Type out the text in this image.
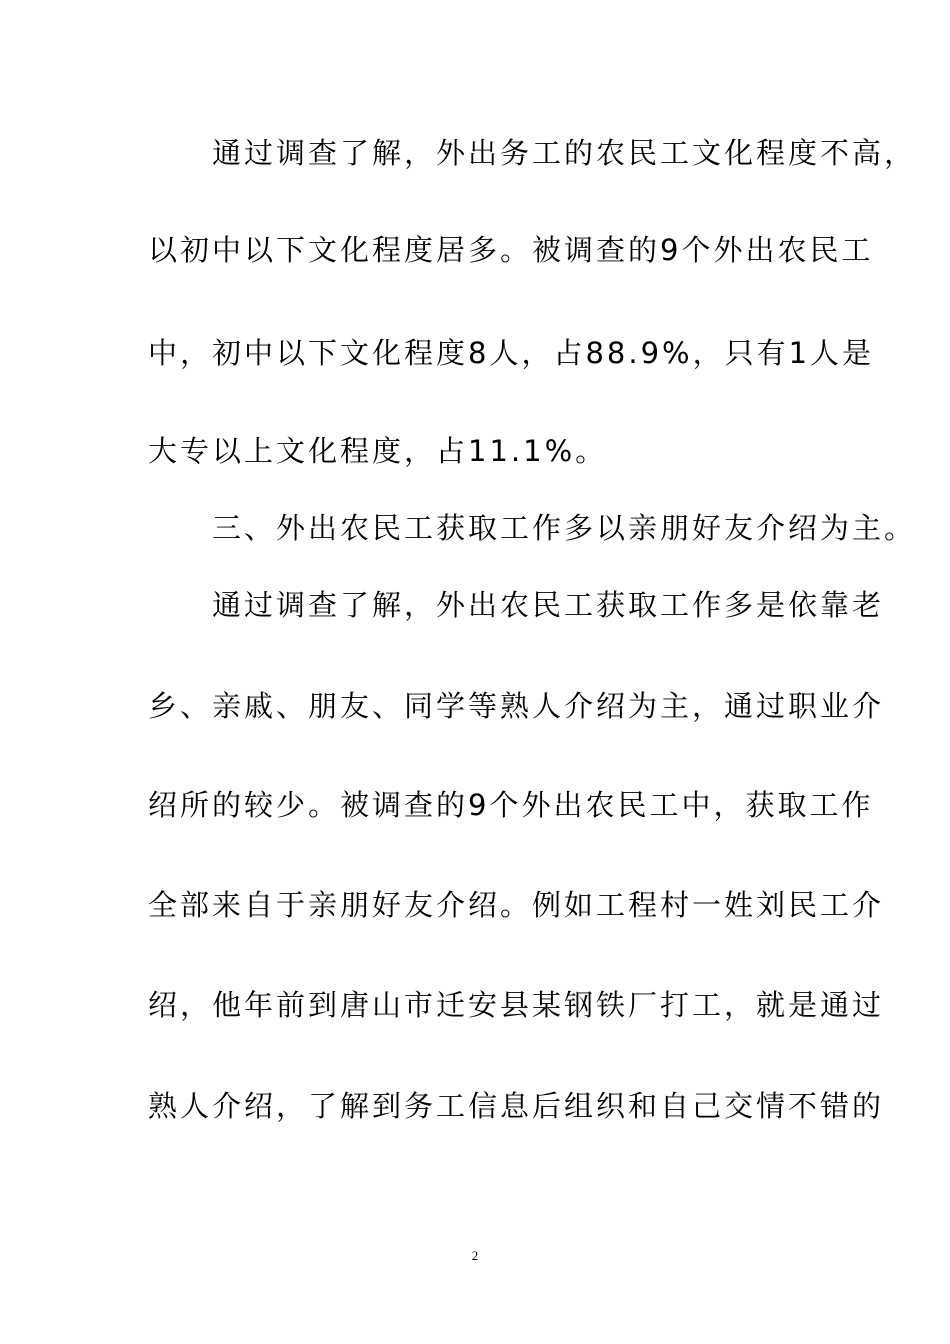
　　通过调查了解，外出务工的农民工文化程度不高，
以初中以下文化程度居多。被调查的9个外出农民工
中，初中以下文化程度8人，占88.9%，只有1人是
大专以上文化程度，占11.1%。
　　三、外出农民工获取工作多以亲朋好友介绍为主。
　　通过调查了解，外出农民工获取工作多是依靠老
乡、亲戚、朋友、同学等熟人介绍为主，通过职业介
绍所的较少。被调查的9个外出农民工中，获取工作
全部来自于亲朋好友介绍。例如工程村一姓刘民工介
绍，他年前到唐山市迁安县某钢铁厂打工，就是通过
熟人介绍，了解到务工信息后组织和自己交情不错的
2
